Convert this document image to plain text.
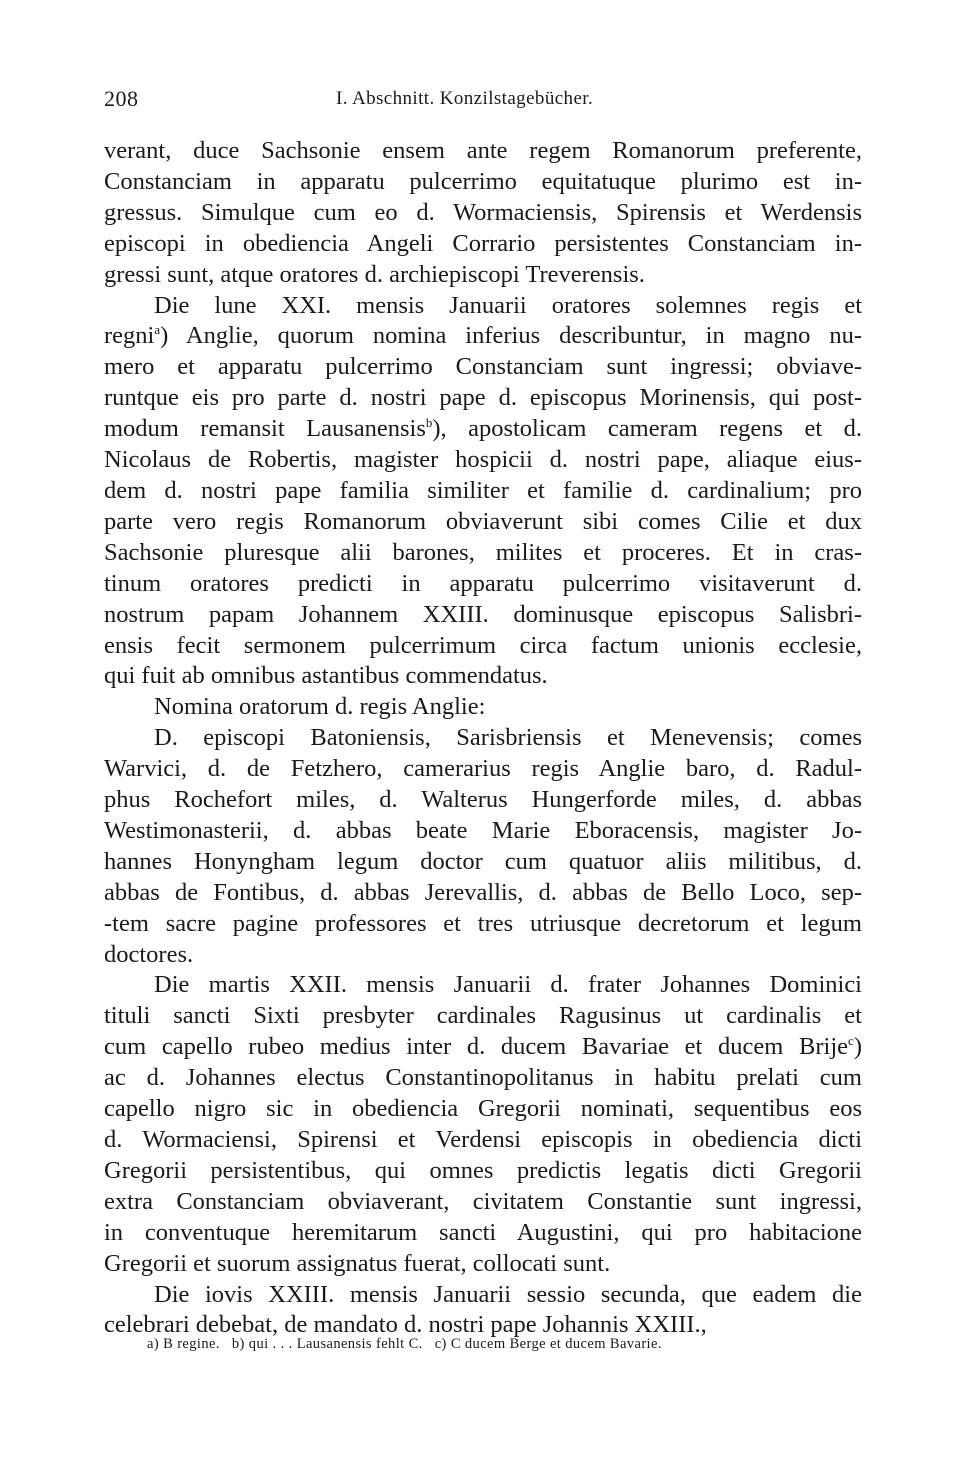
208	I. Abschnitt. Konzilstagebücher.
verant, duce Sachsonie ensem ante regem Romanorum preferente,
Constanciam in apparatu pulcerrimo equitatuque plurimo est in-
gressus. Simulque cum eo d. Wormaciensis, Spirensis et Werdensis
episcopi in obediencia Angeli Corrario persistentes Constanciam in-
gressi sunt, atque oratores d. archiepiscopi Treverensis.
Die lune XXI. mensis Januarii oratores solemnes regis et
regni$^a$) Anglie, quorum nomina inferius describuntur, in magno nu-
mero et apparatu pulcerrimo Constanciam sunt ingressi; obviave-
runtque eis pro parte d. nostri pape d. episcopus Morinensis, qui post-
modum remansit Lausanensis$^b$), apostolicam cameram regens et d.
Nicolaus de Robertis, magister hospicii d. nostri pape, aliaque eius-
dem d. nostri pape familia similiter et familie d. cardinalium; pro
parte vero regis Romanorum obviaverunt sibi comes Cilie et dux
Sachsonie pluresque alii barones, milites et proceres. Et in cras-
tinum oratores predicti in apparatu pulcerrimo visitaverunt d.
nostrum papam Johannem XXIII. dominusque episcopus Salisbri-
ensis fecit sermonem pulcerrimum circa factum unionis ecclesie,
qui fuit ab omnibus astantibus commendatus.
Nomina oratorum d. regis Anglie:
D. episcopi Batoniensis, Sarisbriensis et Menevensis; comes
Warvici, d. de Fetzhero, camerarius regis Anglie baro, d. Radul-
phus Rochefort miles, d. Walterus Hungerforde miles, d. abbas
Westimonasterii, d. abbas beate Marie Eboracensis, magister Jo-
hannes Honyngham legum doctor cum quatuor aliis militibus, d.
abbas de Fontibus, d. abbas Jerevallis, d. abbas de Bello Loco, sep-
-tem sacre pagine professores et tres utriusque decretorum et legum
doctores.
Die martis XXII. mensis Januarii d. frater Johannes Dominici
tituli sancti Sixti presbyter cardinales Ragusinus ut cardinalis et
cum capello rubeo medius inter d. ducem Bavariae et ducem Brije$^c$)
ac d. Johannes electus Constantinopolitanus in habitu prelati cum
capello nigro sic in obediencia Gregorii nominati, sequentibus eos
d. Wormaciensi, Spirensi et Verdensi episcopis in obediencia dicti
Gregorii persistentibus, qui omnes predictis legatis dicti Gregorii
extra Constanciam obviaverant, civitatem Constantie sunt ingressi,
in conventuque heremitarum sancti Augustini, qui pro habitacione
Gregorii et suorum assignatus fuerat, collocati sunt.
Die iovis XXIII. mensis Januarii sessio secunda, que eadem die
celebrari debebat, de mandato d. nostri pape Johannis XXIII.,
a) B regine. b) qui . . . Lausanensis fehlt C. c) C ducem Berge et ducem Bavarie.
